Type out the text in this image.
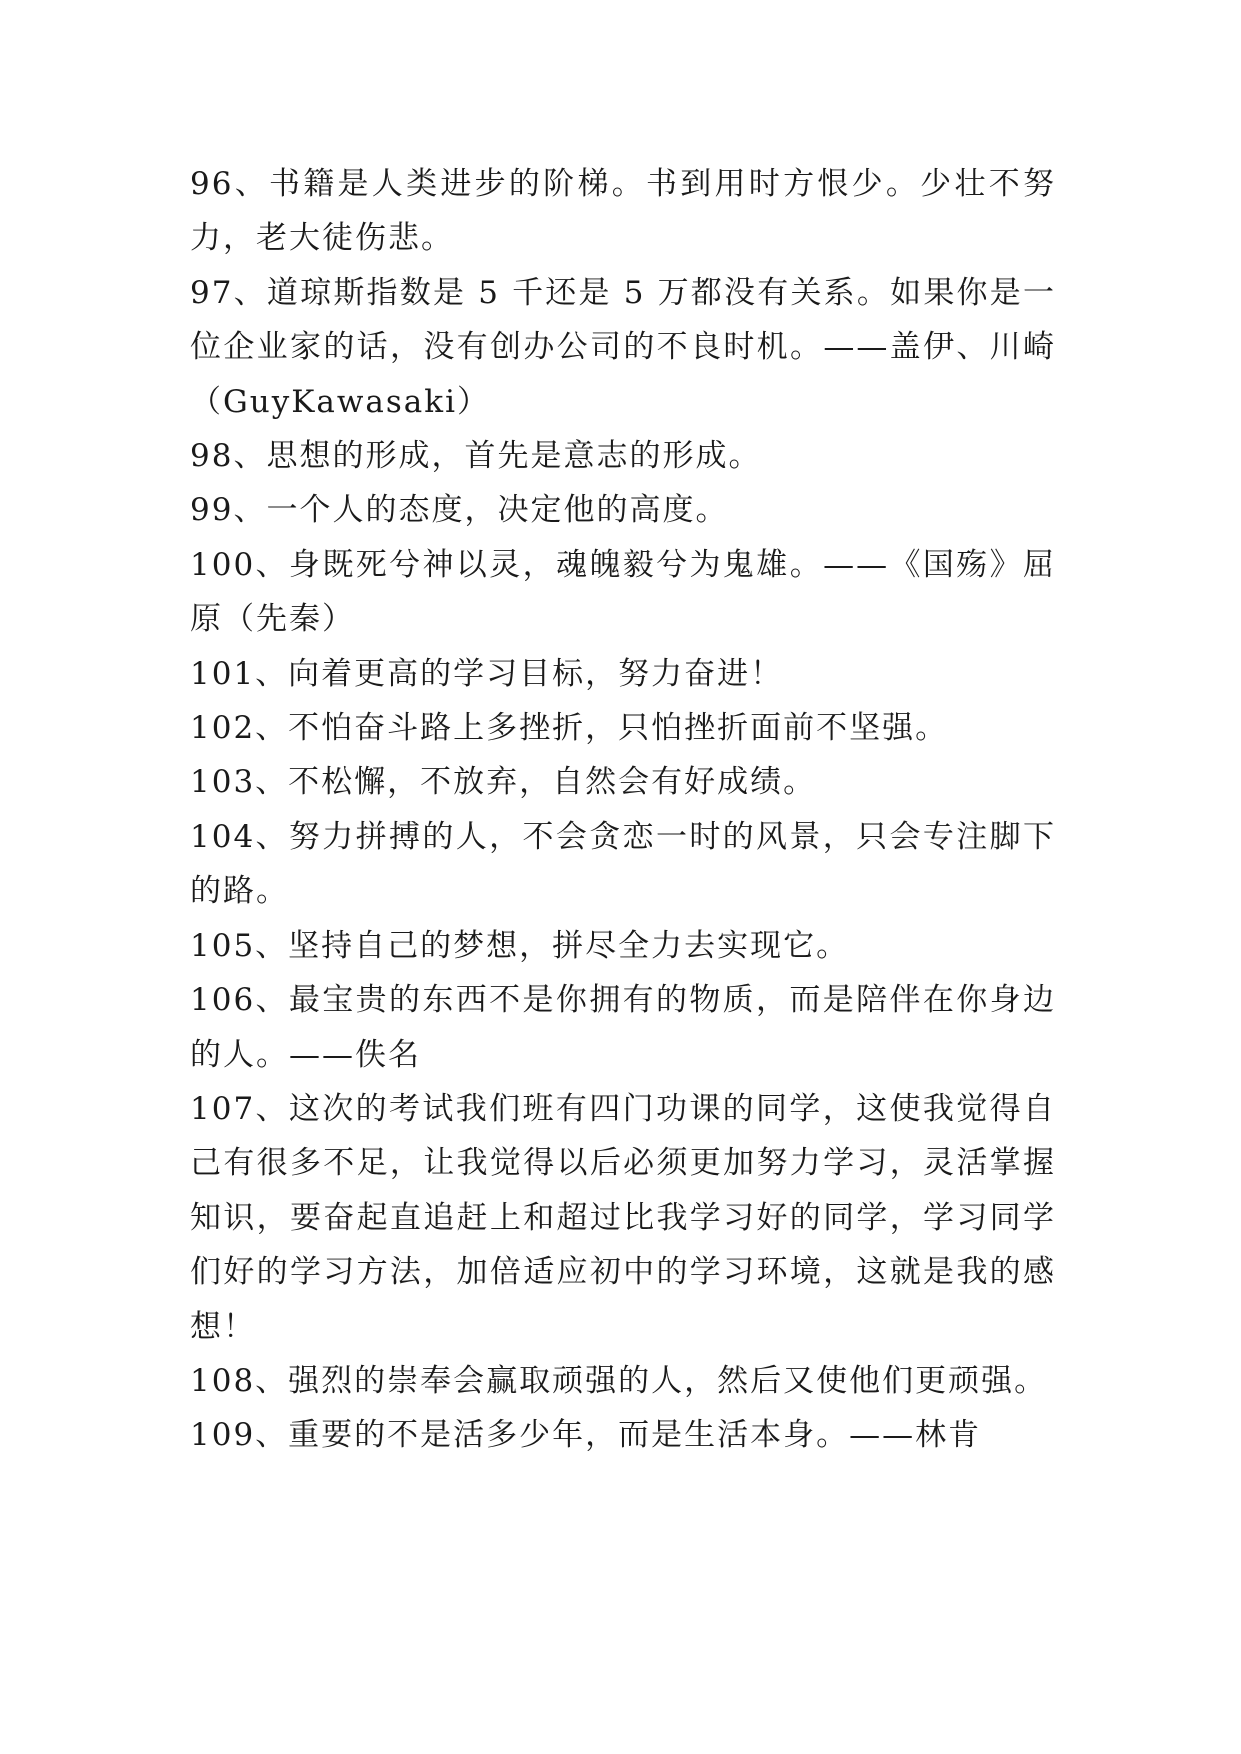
96、书籍是人类进步的阶梯。书到用时方恨少。少壮不努力，老大徒伤悲。

97、道琼斯指数是 5 千还是 5 万都没有关系。如果你是一位企业家的话，没有创办公司的不良时机。——盖伊、川崎（GuyKawasaki）

98、思想的形成，首先是意志的形成。

99、一个人的态度，决定他的高度。

100、身既死兮神以灵，魂魄毅兮为鬼雄。——《国殇》屈原（先秦）

101、向着更高的学习目标，努力奋进！

102、不怕奋斗路上多挫折，只怕挫折面前不坚强。

103、不松懈，不放弃，自然会有好成绩。

104、努力拼搏的人，不会贪恋一时的风景，只会专注脚下的路。

105、坚持自己的梦想，拼尽全力去实现它。

106、最宝贵的东西不是你拥有的物质，而是陪伴在你身边的人。——佚名

107、这次的考试我们班有四门功课的同学，这使我觉得自己有很多不足，让我觉得以后必须更加努力学习，灵活掌握知识，要奋起直追赶上和超过比我学习好的同学，学习同学们好的学习方法，加倍适应初中的学习环境，这就是我的感想！

108、强烈的崇奉会赢取顽强的人，然后又使他们更顽强。

109、重要的不是活多少年，而是生活本身。——林肯
